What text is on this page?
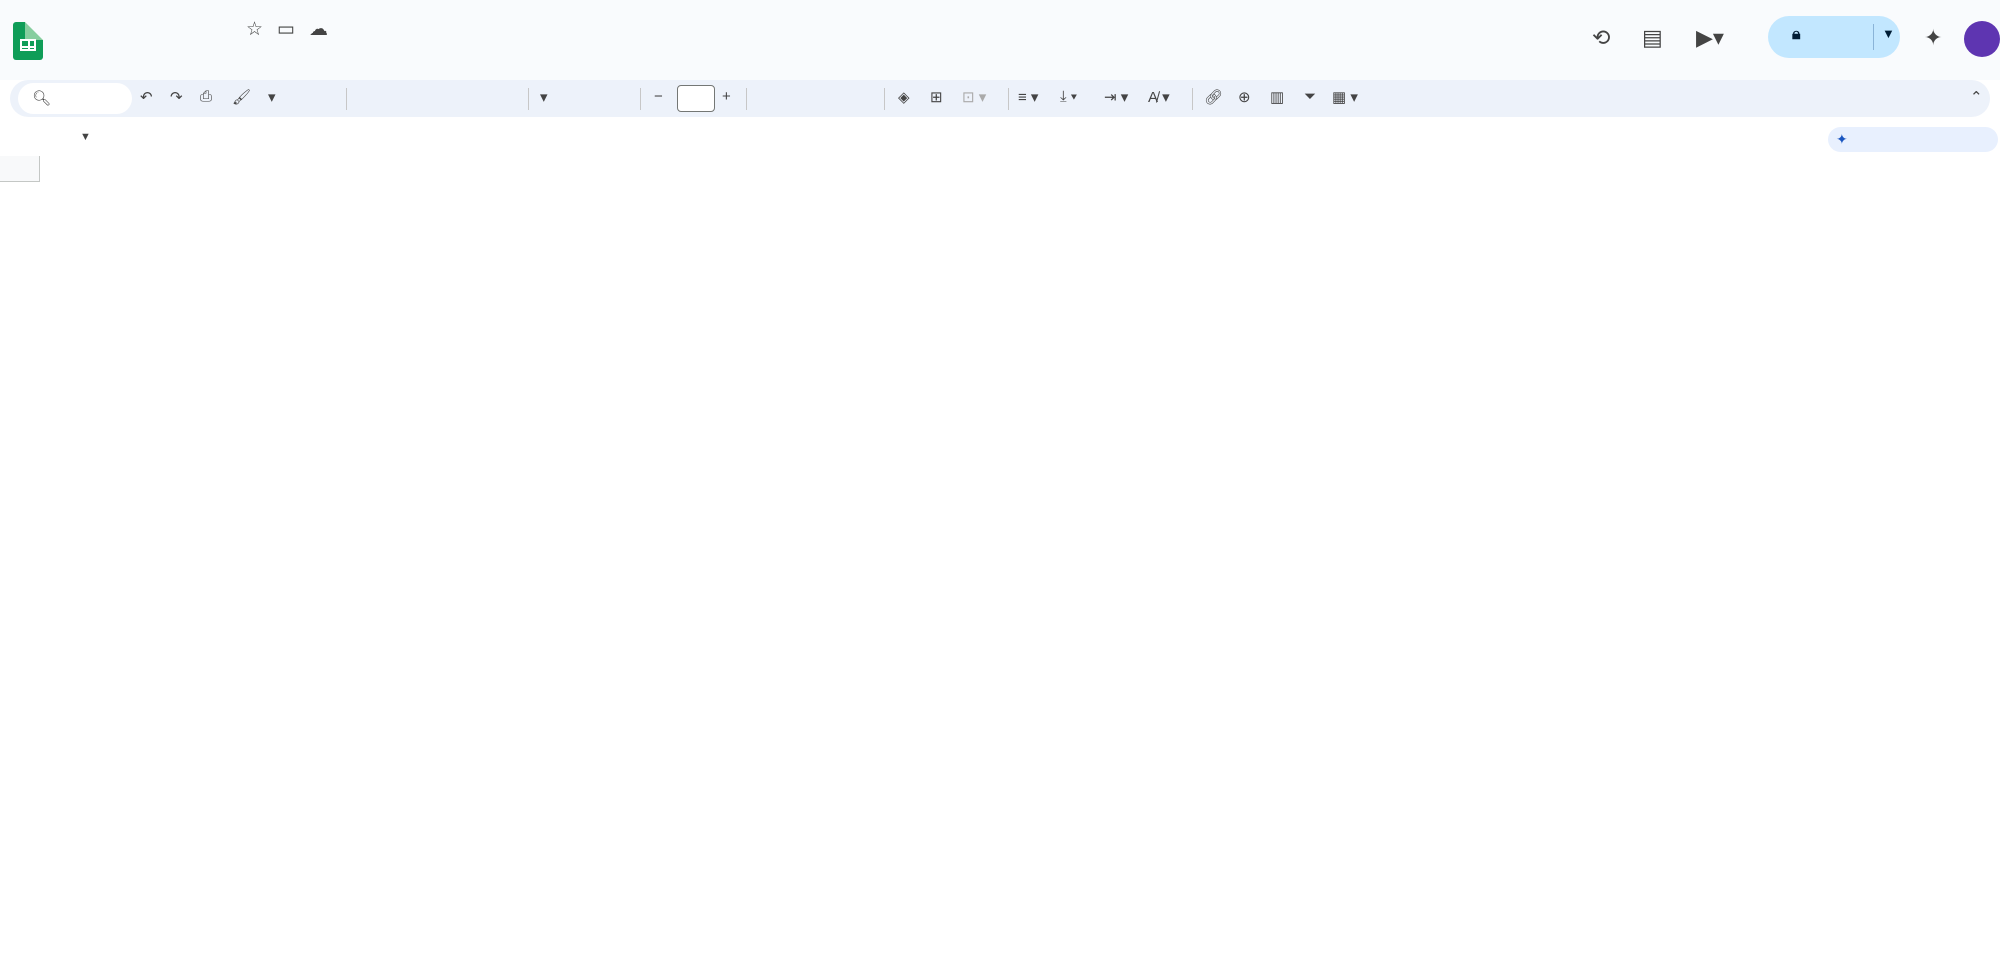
☆ ▭ ☁	⟲ ▤ ▶▾	🔒︎	▼ ✦
🔍︎	↶ ↷ ⎙ 🖌︎ ▾	▾	−	+	◈ ⊞ ⊡ ▾ ≡ ▾ ⤓ ▾ ⇥ ▾ A̸ ▾ 🔗︎ ⊕ ▥ ⏷ ▦ ▾	⌃
▼	✦
